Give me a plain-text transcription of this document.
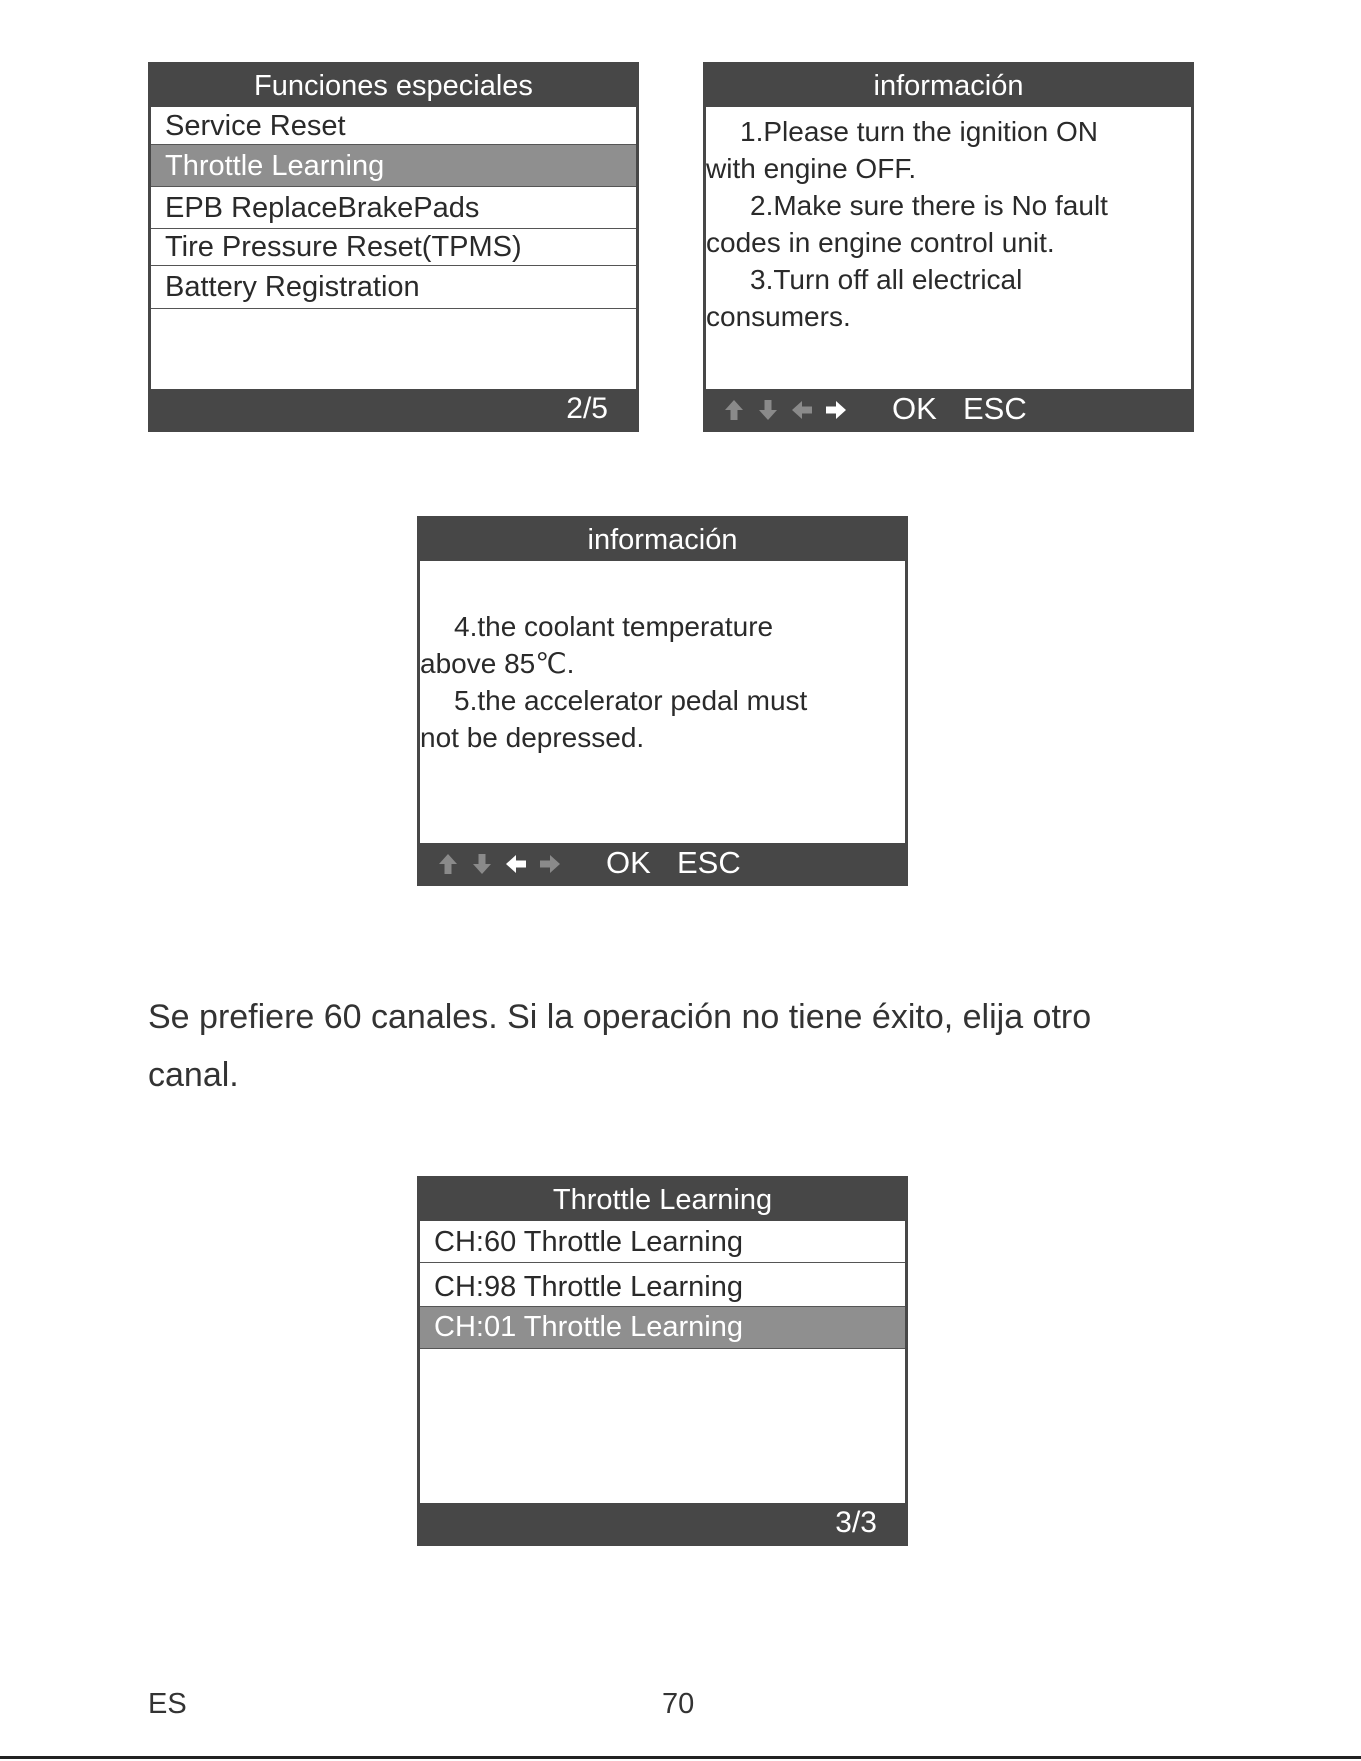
Funciones especiales
Service Reset
Throttle Learning
EPB ReplaceBrakePads
Tire Pressure Reset(TPMS)
Battery Registration
2/5
información

1.Please turn the ignition ON

with engine OFF.

2.Make sure there is No fault

codes in engine control unit.

3.Turn off all electrical

consumers.

OK ESC
información

4.the coolant temperature

above 85℃.

5.the accelerator pedal must

not be depressed.

OK ESC
Se prefiere 60 canales. Si la operación no tiene éxito, elija otro
canal.
Throttle Learning
CH:60 Throttle Learning
CH:98 Throttle Learning
CH:01 Throttle Learning
3/3
ES	70
